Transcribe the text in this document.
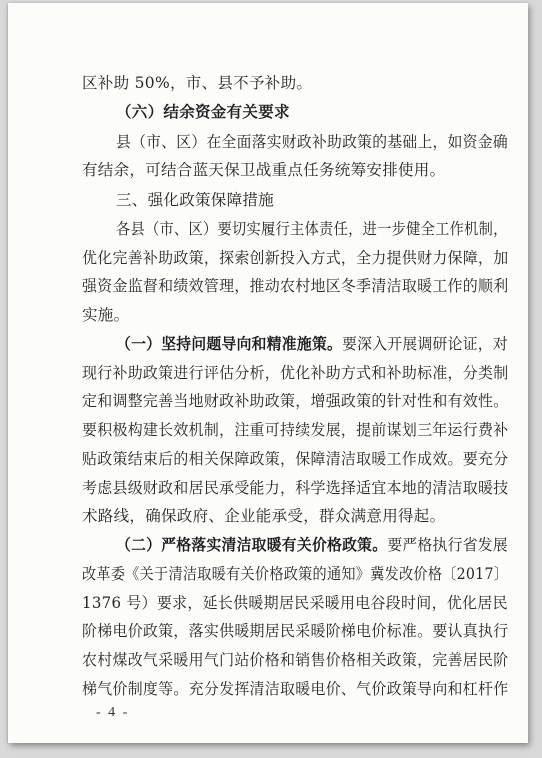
区补助 50%，市、县不予补助。
（六）结余资金有关要求
县（市、区）在全面落实财政补助政策的基础上，如资金确
有结余，可结合蓝天保卫战重点任务统筹安排使用。
三、强化政策保障措施
各县（市、区）要切实履行主体责任，进一步健全工作机制，
优化完善补助政策，探索创新投入方式，全力提供财力保障，加
强资金监督和绩效管理，推动农村地区冬季清洁取暖工作的顺利
实施。
（一）坚持问题导向和精准施策。要深入开展调研论证，对
现行补助政策进行评估分析，优化补助方式和补助标准，分类制
定和调整完善当地财政补助政策，增强政策的针对性和有效性。
要积极构建长效机制，注重可持续发展，提前谋划三年运行费补
贴政策结束后的相关保障政策，保障清洁取暖工作成效。要充分
考虑县级财政和居民承受能力，科学选择适宜本地的清洁取暖技
术路线，确保政府、企业能承受，群众满意用得起。
（二）严格落实清洁取暖有关价格政策。要严格执行省发展
改革委《关于清洁取暖有关价格政策的通知》冀发改价格〔2017〕
1376 号）要求，延长供暖期居民采暖用电谷段时间，优化居民
阶梯电价政策，落实供暖期居民采暖阶梯电价标准。要认真执行
农村煤改气采暖用气门站价格和销售价格相关政策，完善居民阶
梯气价制度等。充分发挥清洁取暖电价、气价政策导向和杠杆作
- 4 -
